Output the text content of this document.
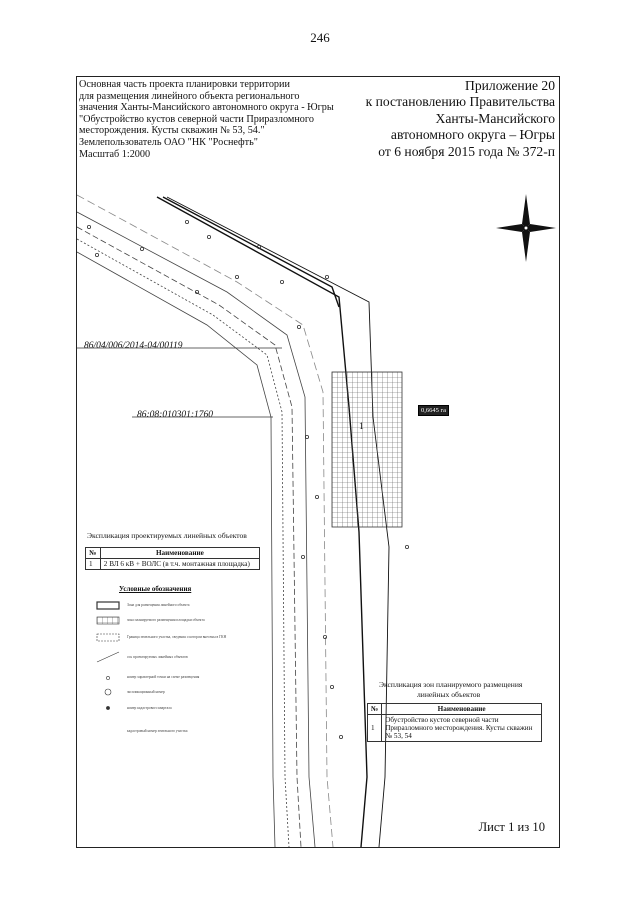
246
Основная часть проекта планировки территории
для размещения линейного объекта регионального
значения Ханты-Мансийского автономного округа - Югры
"Обустройство кустов северной части Приразломного
месторождения. Кусты скважин № 53, 54."
Землепользователь ОАО "НК "Роснефть"
Масштаб 1:2000
Приложение 20
к постановлению Правительства
Ханты-Мансийского
автономного округа – Югры
от 6 ноября 2015 года № 372-п
86/04/006/2014-04/00119
86:08:010301:1760
1
0,6645 га
Экспликация проектируемых линейных объектов
№	Наименование
1	2 ВЛ 6 кВ + ВОЛС (в т.ч. монтажная площадка)
Условные обозначения
Зона для размещения линейного объекта
зона планируемого размещения площадки объекта
Граница земельного участка, сведения о котором внесены в ГКН
ось проектируемых линейных объектов
номер характерной точки на схеме размещения
экспликационный номер
номер кадастрового квартала
кадастровый номер земельного участка
Экспликация зон планируемого размещения
линейных объектов
№	Наименование
1	Обустройство кустов северной части Приразломного месторождения. Кусты скважин № 53, 54
Лист 1 из 10
